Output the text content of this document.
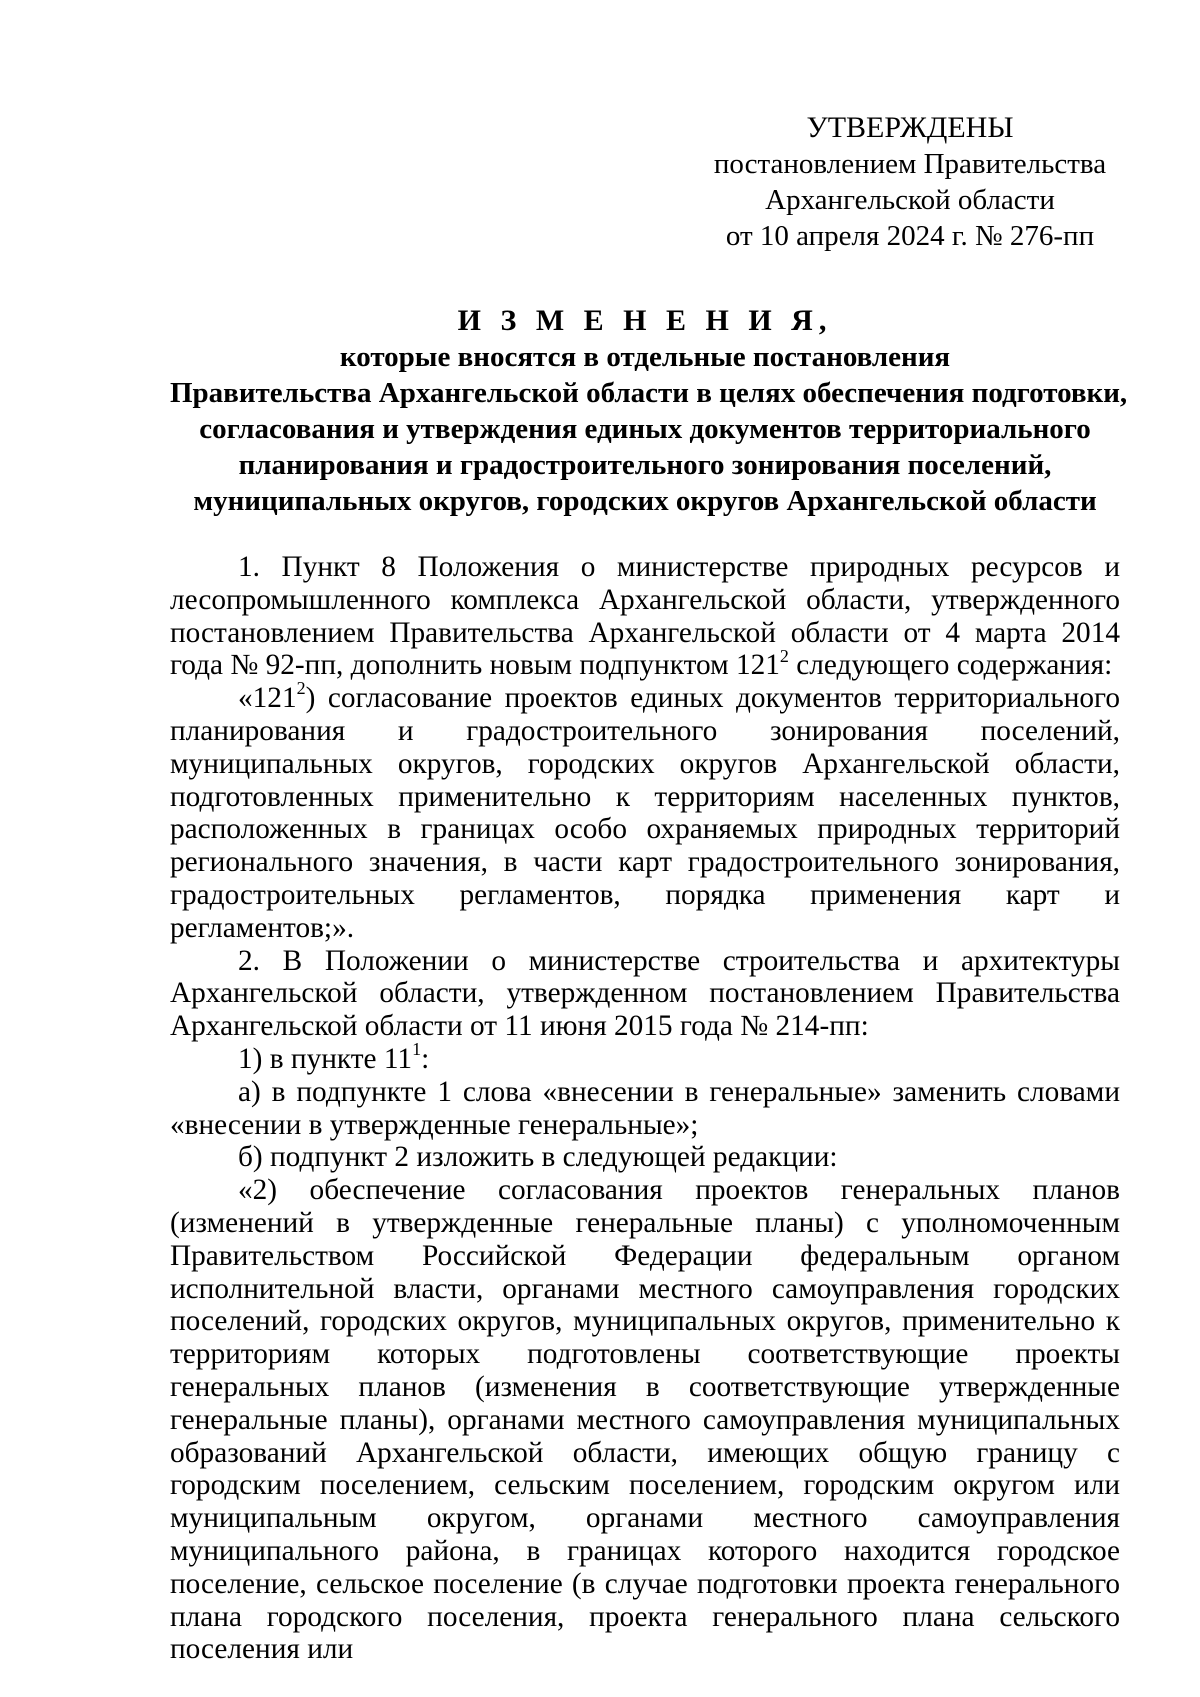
УТВЕРЖДЕНЫ
постановлением Правительства
Архангельской области
от 10 апреля 2024 г. № 276-пп
И З М Е Н Е Н И Я,
которые вносятся в отдельные постановления
Правительства Архангельской области в целях обеспечения подготовки,
согласования и утверждения единых документов территориального
планирования и градостроительного зонирования поселений,
муниципальных округов, городских округов Архангельской области

1. Пункт 8 Положения о министерстве природных ресурсов и лесопромышленного комплекса Архангельской области, утвержденного постановлением Правительства Архангельской области от 4 марта 2014 года № 92-пп, дополнить новым подпунктом $121^2$ следующего содержания:

«$121^2$) согласование проектов единых документов территориального планирования и градостроительного зонирования поселений, муниципальных округов, городских округов Архангельской области, подготовленных применительно к территориям населенных пунктов, расположенных в границах особо охраняемых природных территорий регионального значения, в части карт градостроительного зонирования, градостроительных регламентов, порядка применения карт и регламентов;».

2. В Положении о министерстве строительства и архитектуры Архангельской области, утвержденном постановлением Правительства Архангельской области от 11 июня 2015 года № 214-пп:

1) в пункте $11^1$:

а) в подпункте 1 слова «внесении в генеральные» заменить словами «внесении в утвержденные генеральные»;

б) подпункт 2 изложить в следующей редакции:

«2) обеспечение согласования проектов генеральных планов (изменений в утвержденные генеральные планы) с уполномоченным Правительством Российской Федерации федеральным органом исполнительной власти, органами местного самоуправления городских поселений, городских округов, муниципальных округов, применительно к территориям которых подготовлены соответствующие проекты генеральных планов (изменения в соответствующие утвержденные генеральные планы), органами местного самоуправления муниципальных образований Архангельской области, имеющих общую границу с городским поселением, сельским поселением, городским округом или муниципальным округом, органами местного самоуправления муниципального района, в границах которого находится городское поселение, сельское поселение (в случае подготовки проекта генерального плана городского поселения, проекта генерального плана сельского поселения или
